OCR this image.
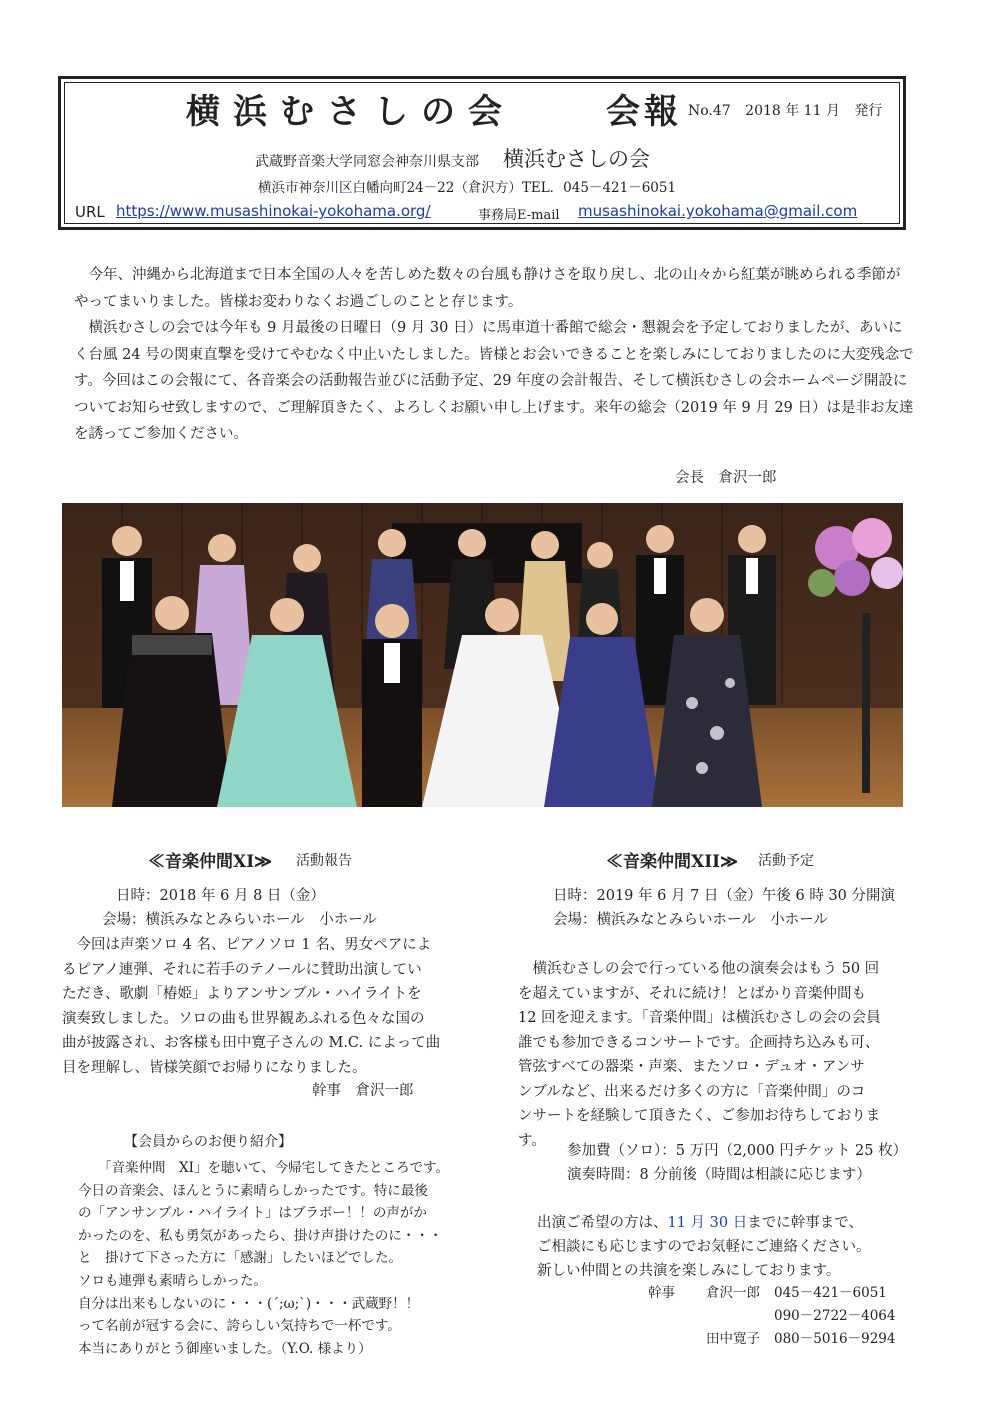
横浜むさしの会	会報 No.47 2018 年 11 月 発行
武蔵野音楽大学同窓会神奈川県支部 横浜むさしの会
横浜市神奈川区白幡向町24－22（倉沢方）TEL．045－421－6051
URL https://www.musashinokai-yokohama.org/	事務局E-mail musashinokai.yokohama@gmail.com

今年、沖縄から北海道まで日本全国の人々を苦しめた数々の台風も静けさを取り戻し、北の山々から紅葉が眺められる季節がやってまいりました。皆様お変わりなくお過ごしのことと存じます。

横浜むさしの会では今年も 9 月最後の日曜日（9 月 30 日）に馬車道十番館で総会・懇親会を予定しておりましたが、あいにく台風 24 号の関東直撃を受けてやむなく中止いたしました。皆様とお会いできることを楽しみにしておりましたのに大変残念です。今回はこの会報にて、各音楽会の活動報告並びに活動予定、29 年度の会計報告、そして横浜むさしの会ホームページ開設についてお知らせ致しますので、ご理解頂きたく、よろしくお願い申し上げます。来年の総会（2019 年 9 月 29 日）は是非お友達を誘ってご参加ください。

会長　倉沢一郎
≪音楽仲間XI≫ 活動報告
日時：2018 年 6 月 8 日（金）
会場：横浜みなとみらいホール　小ホール

今回は声楽ソロ 4 名、ピアノソロ 1 名、男女ペアによ

るピアノ連弾、それに若手のテノールに賛助出演してい

ただき、歌劇「椿姫」よりアンサンブル・ハイライトを

演奏致しました。ソロの曲も世界観あふれる色々な国の

曲が披露され、お客様も田中寛子さんの M.C. によって曲

目を理解し、皆様笑顔でお帰りになりました。

幹事　倉沢一郎
【会員からのお便り紹介】
「音楽仲間　XI」を聴いて、今帰宅してきたところです。
今日の音楽会、ほんとうに素晴らしかったです。特に最後
の「アンサンブル・ハイライト」はブラボー！！の声がか
かったのを、私も勇気があったら、掛け声掛けたのに・・・
と　掛けて下さった方に「感謝」したいほどでした。
ソロも連弾も素晴らしかった。
自分は出来もしないのに・・・(´;ω;`)・・・武蔵野！！
って名前が冠する会に、誇らしい気持ちで一杯です。
本当にありがとう御座いました。（Y.O. 様より）
≪音楽仲間XII≫ 活動予定
日時：2019 年 6 月 7 日（金）午後 6 時 30 分開演
会場：横浜みなとみらいホール　小ホール

横浜むさしの会で行っている他の演奏会はもう 50 回

を超えていますが、それに続け！とばかり音楽仲間も

12 回を迎えます。「音楽仲間」は横浜むさしの会の会員

誰でも参加できるコンサートです。企画持ち込みも可、

管弦すべての器楽・声楽、またソロ・デュオ・アンサ

ンブルなど、出来るだけ多くの方に「音楽仲間」のコ

ンサートを経験して頂きたく、ご参加お待ちしておりま

す。

参加費（ソロ）：5 万円（2,000 円チケット 25 枚）
演奏時間：8 分前後（時間は相談に応じます）
出演ご希望の方は、11 月 30 日までに幹事まで、
ご相談にも応じますのでお気軽にご連絡ください。
新しい仲間との共演を楽しみにしております。
幹事 倉沢一郎 045－421－6051
090－2722－4064
田中寛子 080－5016－9294
